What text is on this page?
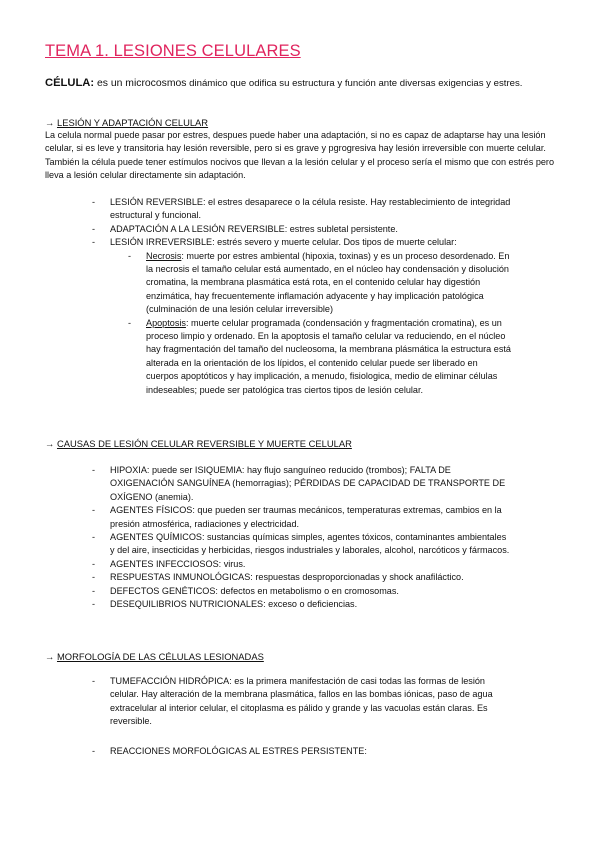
TEMA 1. LESIONES CELULARES
CÉLULA: es un microcosmos dinámico que odifica su estructura y función ante diversas exigencias y estres.
→ LESIÓN Y ADAPTACIÓN CELULAR
La celula normal puede pasar por estres, despues puede haber una adaptación, si no es capaz de adaptarse hay una lesión celular, si es leve y transitoria hay lesión reversible, pero si es grave y pgrogresiva hay lesión irreversible con muerte celular. También la célula puede tener estímulos nocivos que llevan a la lesión celular y el proceso sería el mismo que con estrés pero lleva a lesión celular directamente sin adaptación.
- LESIÓN REVERSIBLE: el estres desaparece o la célula resiste. Hay restablecimiento de integridad estructural y funcional.
- ADAPTACIÓN A LA LESIÓN REVERSIBLE: estres subletal persistente.
- LESIÓN IRREVERSIBLE: estrés severo y muerte celular. Dos tipos de muerte celular:
- Necrosis: muerte por estres ambiental (hipoxia, toxinas) y es un proceso desordenado. En la necrosis el tamaño celular está aumentado, en el núcleo hay condensación y disolución cromatina, la membrana plasmática está rota, en el contenido celular hay digestión enzimática, hay frecuentemente inflamación adyacente y hay implicación patológica (culminación de una lesión celular irreversible)
- Apoptosis: muerte celular programada (condensación y fragmentación cromatina), es un proceso limpio y ordenado. En la apoptosis el tamaño celular va reduciendo, en el núcleo hay fragmentación del tamaño del nucleosoma, la membrana plásmática la estructura está alterada en la orientación de los lípidos, el contenido celular puede ser liberado en cuerpos apoptóticos y hay implicación, a menudo, fisiologica, medio de eliminar células indeseables; puede ser patológica tras ciertos tipos de lesión celular.
→ CAUSAS DE LESIÓN CELULAR REVERSIBLE Y MUERTE CELULAR
- HIPOXIA: puede ser ISIQUEMIA: hay flujo sanguíneo reducido (trombos); FALTA DE OXIGENACIÓN SANGUÍNEA (hemorragias); PÉRDIDAS DE CAPACIDAD DE TRANSPORTE DE OXÍGENO (anemia).
- AGENTES FÍSICOS: que pueden ser traumas mecánicos, temperaturas extremas, cambios en la presión atmosférica, radiaciones y electricidad.
- AGENTES QUÍMICOS: sustancias químicas simples, agentes tóxicos, contaminantes ambientales y del aire, insecticidas y herbicidas, riesgos industriales y laborales, alcohol, narcóticos y fármacos.
- AGENTES INFECCIOSOS: virus.
- RESPUESTAS INMUNOLÓGICAS: respuestas desproporcionadas y shock anafiláctico.
- DEFECTOS GENÉTICOS: defectos en metabolismo o en cromosomas.
- DESEQUILIBRIOS NUTRICIONALES: exceso o deficiencias.
→ MORFOLOGÍA DE LAS CÉLULAS LESIONADAS
- TUMEFACCIÓN HIDRÓPICA: es la primera manifestación de casi todas las formas de lesión celular. Hay alteración de la membrana plasmática, fallos en las bombas iónicas, paso de agua extracelular al interior celular, el citoplasma es pálido y grande y las vacuolas están claras. Es reversible.
- REACCIONES MORFOLÓGICAS AL ESTRES PERSISTENTE:
